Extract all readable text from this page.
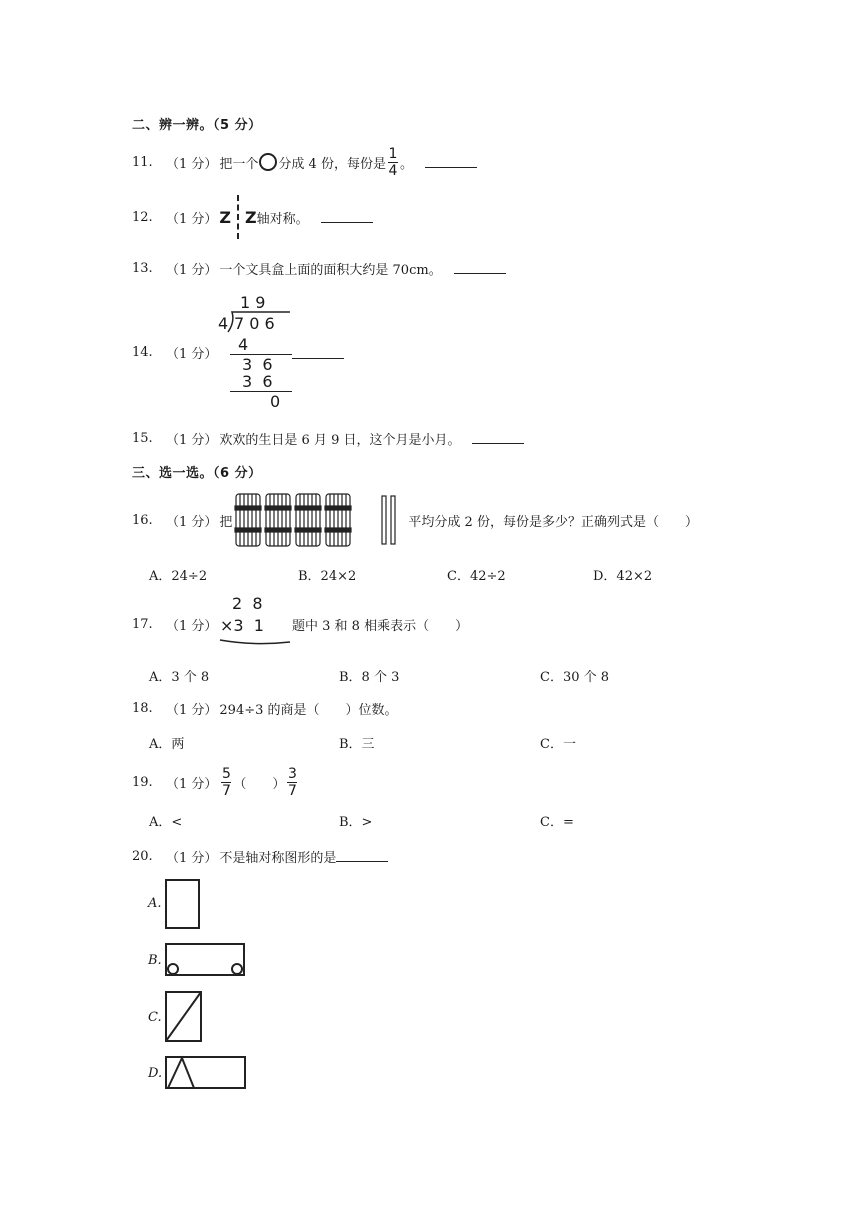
二、辨一辨。（5 分）
11.	（1 分） 把一个 分成 4 份，每份是 $\frac{1}{4}$ 。
12.	（1 分） Z Z 轴对称。
13.	（1 分） 一个文具盒上面的面积大约是 70cm。
14.	（1 分）
1 9
4 7 0 6
4
3  6
3  6
0
15.	（1 分） 欢欢的生日是 6 月 9 日，这个月是小月。
三、选一选。（6 分）
16.	（1 分） 把	平均分成 2 份，每份是多少？正确列式是（　　）
A．24÷2	B．24×2	C．42÷2	D．42×2
17.	（1 分）
2  8
×3  1 题中 3 和 8 相乘表示（　　）
A．3 个 8	B．8 个 3	C．30 个 8
18.	（1 分） 294÷3 的商是（　　）位数。
A．两	B．三	C．一
19.	（1 分） $\frac{5}{7}$ （　　） $\frac{3}{7}$
A．<	B．>	C．=
20.	（1 分） 不是轴对称图形的是
A.
B.
C.
D.
